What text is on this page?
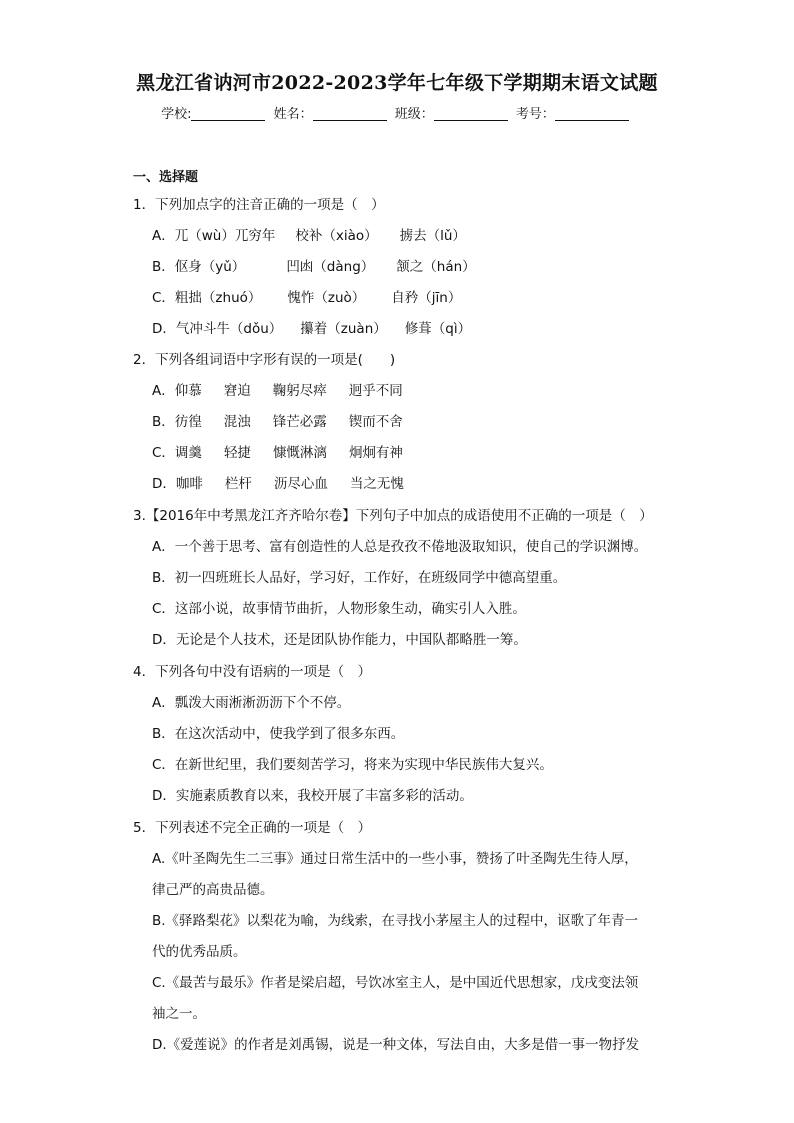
黑龙江省讷河市2022-2023学年七年级下学期期末语文试题
学校:	姓名：	班级：	考号：
一、选择题
1．下列加点字的注音正确的一项是（　）
A．兀（wù）兀穷年 校补（xiào） 掳去（lǔ）
B．伛身（yǔ）	凹凼（dàng） 颔之（hán）
C．粗拙（zhuó） 愧怍（zuò） 自矜（jīn）
D．气冲斗牛（dǒu） 攥着（zuàn） 修葺（qì）
2．下列各组词语中字形有误的一项是(　　)
A．仰慕 窘迫 鞠躬尽瘁 迥乎不同
B．彷徨 混浊 锋芒必露 锲而不舍
C．调羹 轻捷 慷慨淋漓 炯炯有神
D．咖啡 栏杆 沥尽心血 当之无愧
3.【2016年中考黑龙江齐齐哈尔卷】下列句子中加点的成语使用不正确的一项是（　）
A．一个善于思考、富有创造性的人总是孜孜不倦地汲取知识，使自己的学识渊博。
B．初一四班班长人品好，学习好，工作好，在班级同学中德高望重。
C．这部小说，故事情节曲折，人物形象生动，确实引人入胜。
D．无论是个人技术，还是团队协作能力，中国队都略胜一筹。
4．下列各句中没有语病的一项是（　）
A．瓢泼大雨淅淅沥沥下个不停。
B．在这次活动中，使我学到了很多东西。
C．在新世纪里，我们要刻苦学习，将来为实现中华民族伟大复兴。
D．实施素质教育以来，我校开展了丰富多彩的活动。
5．下列表述不完全正确的一项是（　）
A.《叶圣陶先生二三事》通过日常生活中的一些小事，赞扬了叶圣陶先生待人厚，
律己严的高贵品德。
B.《驿路梨花》以梨花为喻，为线索，在寻找小茅屋主人的过程中，讴歌了年青一
代的优秀品质。
C.《最苦与最乐》作者是梁启超，号饮冰室主人，是中国近代思想家，戊戌变法领
袖之一。
D.《爱莲说》的作者是刘禹锡，说是一种文体，写法自由，大多是借一事一物抒发
